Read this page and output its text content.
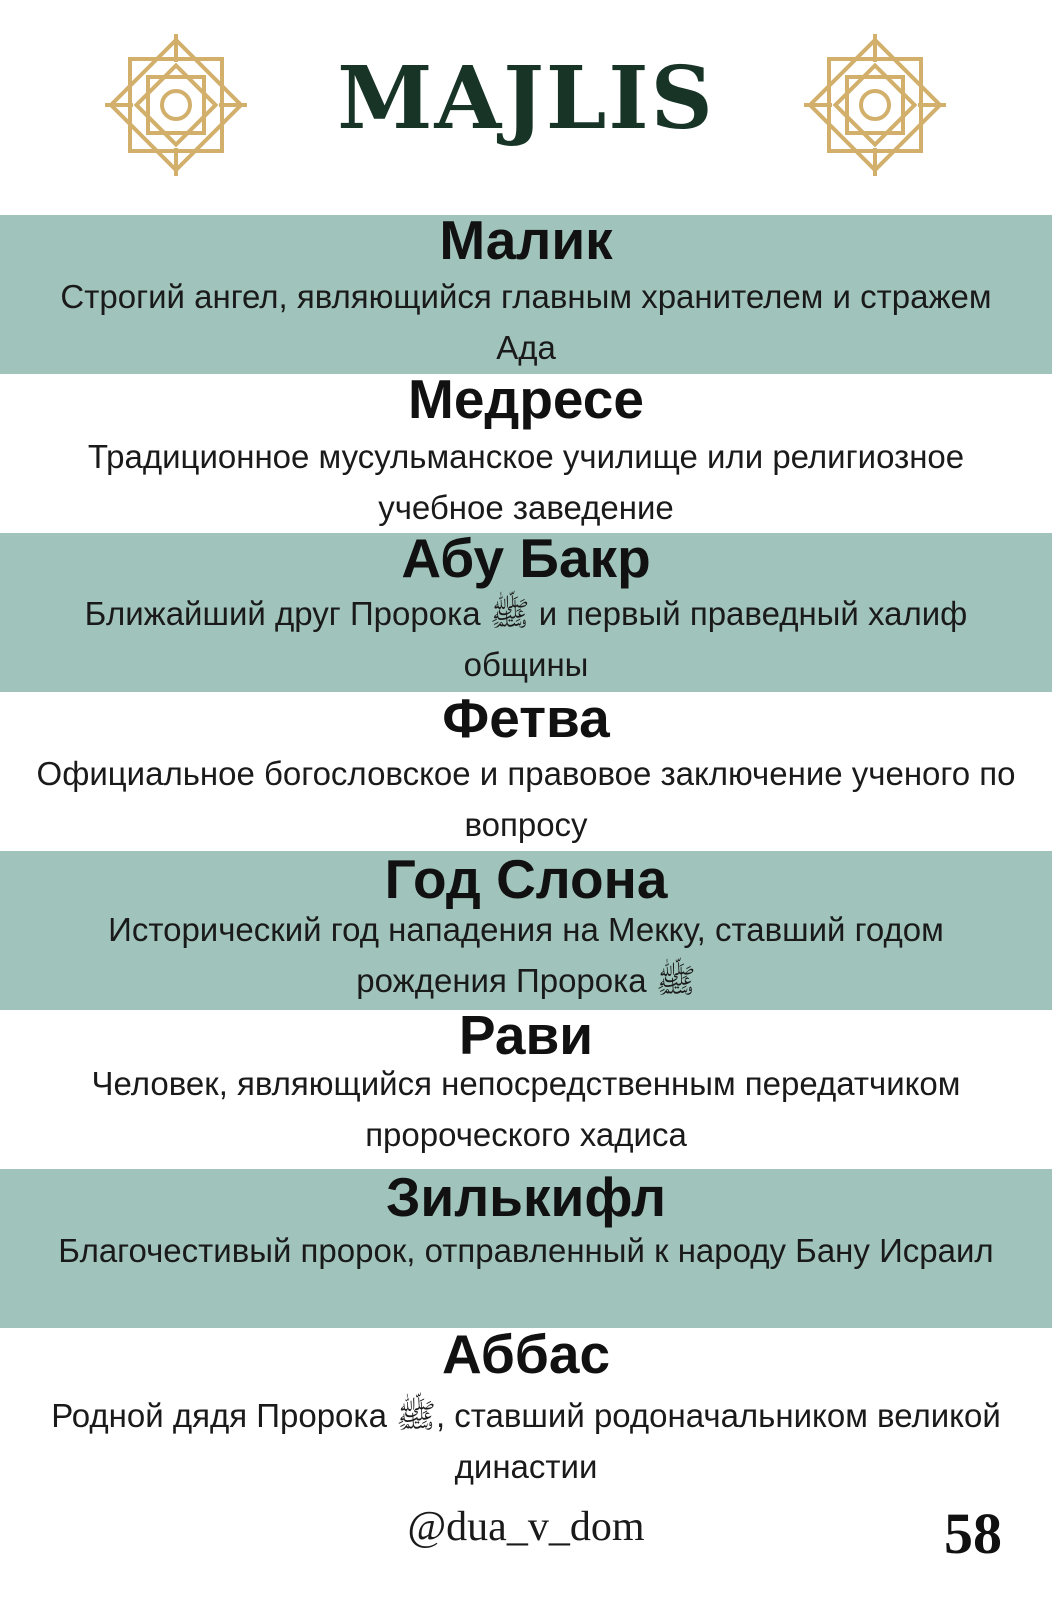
MAJLIS
Малик
Строгий ангел, являющийся главным хранителем и стражем Ада
Медресе
Традиционное мусульманское училище или религиозное учебное заведение
Абу Бакр
Ближайший друг Пророка ﷺ и первый праведный халиф общины
Фетва
Официальное богословское и правовое заключение ученого по вопросу
Год Слона
Исторический год нападения на Мекку, ставший годом рождения Пророка ﷺ
Рави
Человек, являющийся непосредственным передатчиком пророческого хадиса
Зилькифл
Благочестивый пророк, отправленный к народу Бану Исраил
Аббас
Родной дядя Пророка ﷺ, ставший родоначальником великой династии
@dua_v_dom	58
